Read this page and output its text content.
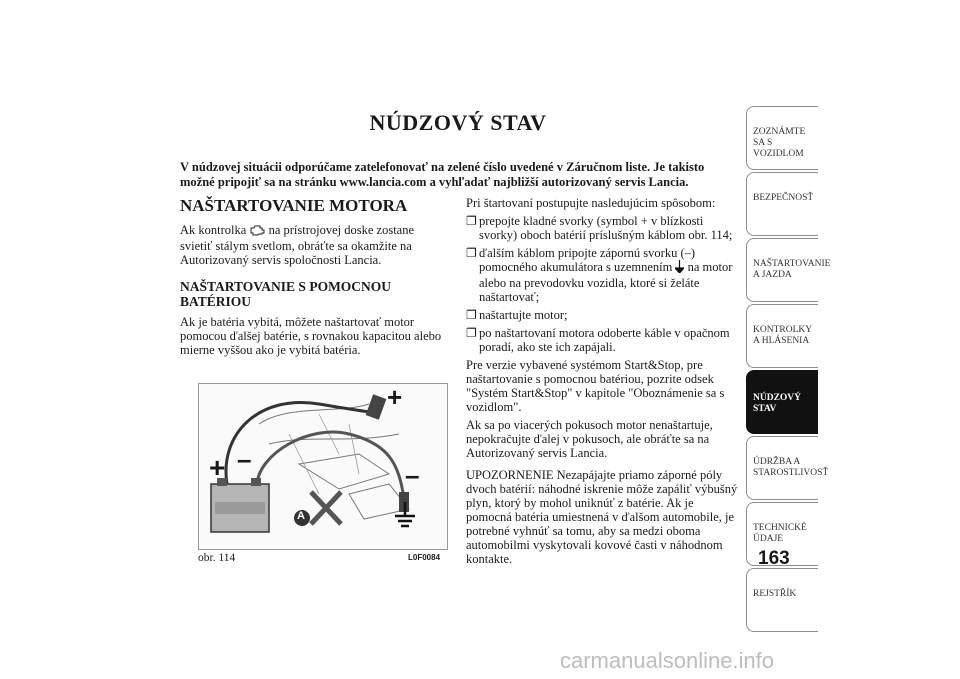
NÚDZOVÝ STAV
V núdzovej situácii odporúčame zatelefonovať na zelené číslo uvedené v Záručnom liste. Je takisto možné pripojiť sa na stránku www.lancia.com a vyhľadať najbližší autorizovaný servis Lancia.
NAŠTARTOVANIE MOTORA
Ak kontrolka na prístrojovej doske zostane svietiť stálym svetlom, obráťte sa okamžite na Autorizovaný servis spoločnosti Lancia.
NAŠTARTOVANIE S POMOCNOU BATÉRIOU
Ak je batéria vybitá, môžete naštartovať motor pomocou ďalšej batérie, s rovnakou kapacitou alebo mierne vyššou ako je vybitá batéria.
Pri štartovaní postupujte nasledujúcim spôsobom:
❐ prepojte kladné svorky (symbol + v blízkosti svorky) oboch batérií príslušným káblom obr. 114;
❐ ďalším káblom pripojte zápornú svorku (–) pomocného akumulátora s uzemnením na motor alebo na prevodovku vozidla, ktoré si želáte naštartovať;
❐ naštartujte motor;
❐ po naštartovaní motora odoberte káble v opačnom poradí, ako ste ich zapájali.
Pre verzie vybavené systémom Start&Stop, pre naštartovanie s pomocnou batériou, pozrite odsek "Systém Start&Stop" v kapitole "Oboznámenie sa s vozidlom".
Ak sa po viacerých pokusoch motor nenaštartuje, nepokračujte ďalej v pokusoch, ale obráťte sa na Autorizovaný servis Lancia.
UPOZORNENIE Nezapájajte priamo záporné póly dvoch batérií: náhodné iskrenie môže zapáliť výbušný plyn, ktorý by mohol uniknúť z batérie. Ak je pomocná batéria umiestnená v ďalšom automobile, je potrebné vyhnúť sa tomu, aby sa medzi oboma automobilmi vyskytovali kovové časti v náhodnom kontakte.
A
+ –
+
–
obr. 114	L0F0084
ZOZNÁMTE SA S VOZIDLOM
BEZPEČNOSŤ
NAŠTARTOVANIE A JAZDA
KONTROLKY A HLÁSENIA
NÚDZOVÝ STAV
ÚDRŽBA A STAROSTLIVOSŤ
TECHNICKÉ ÚDAJE
REJSTŘÍK
163
carmanualsonline.info
